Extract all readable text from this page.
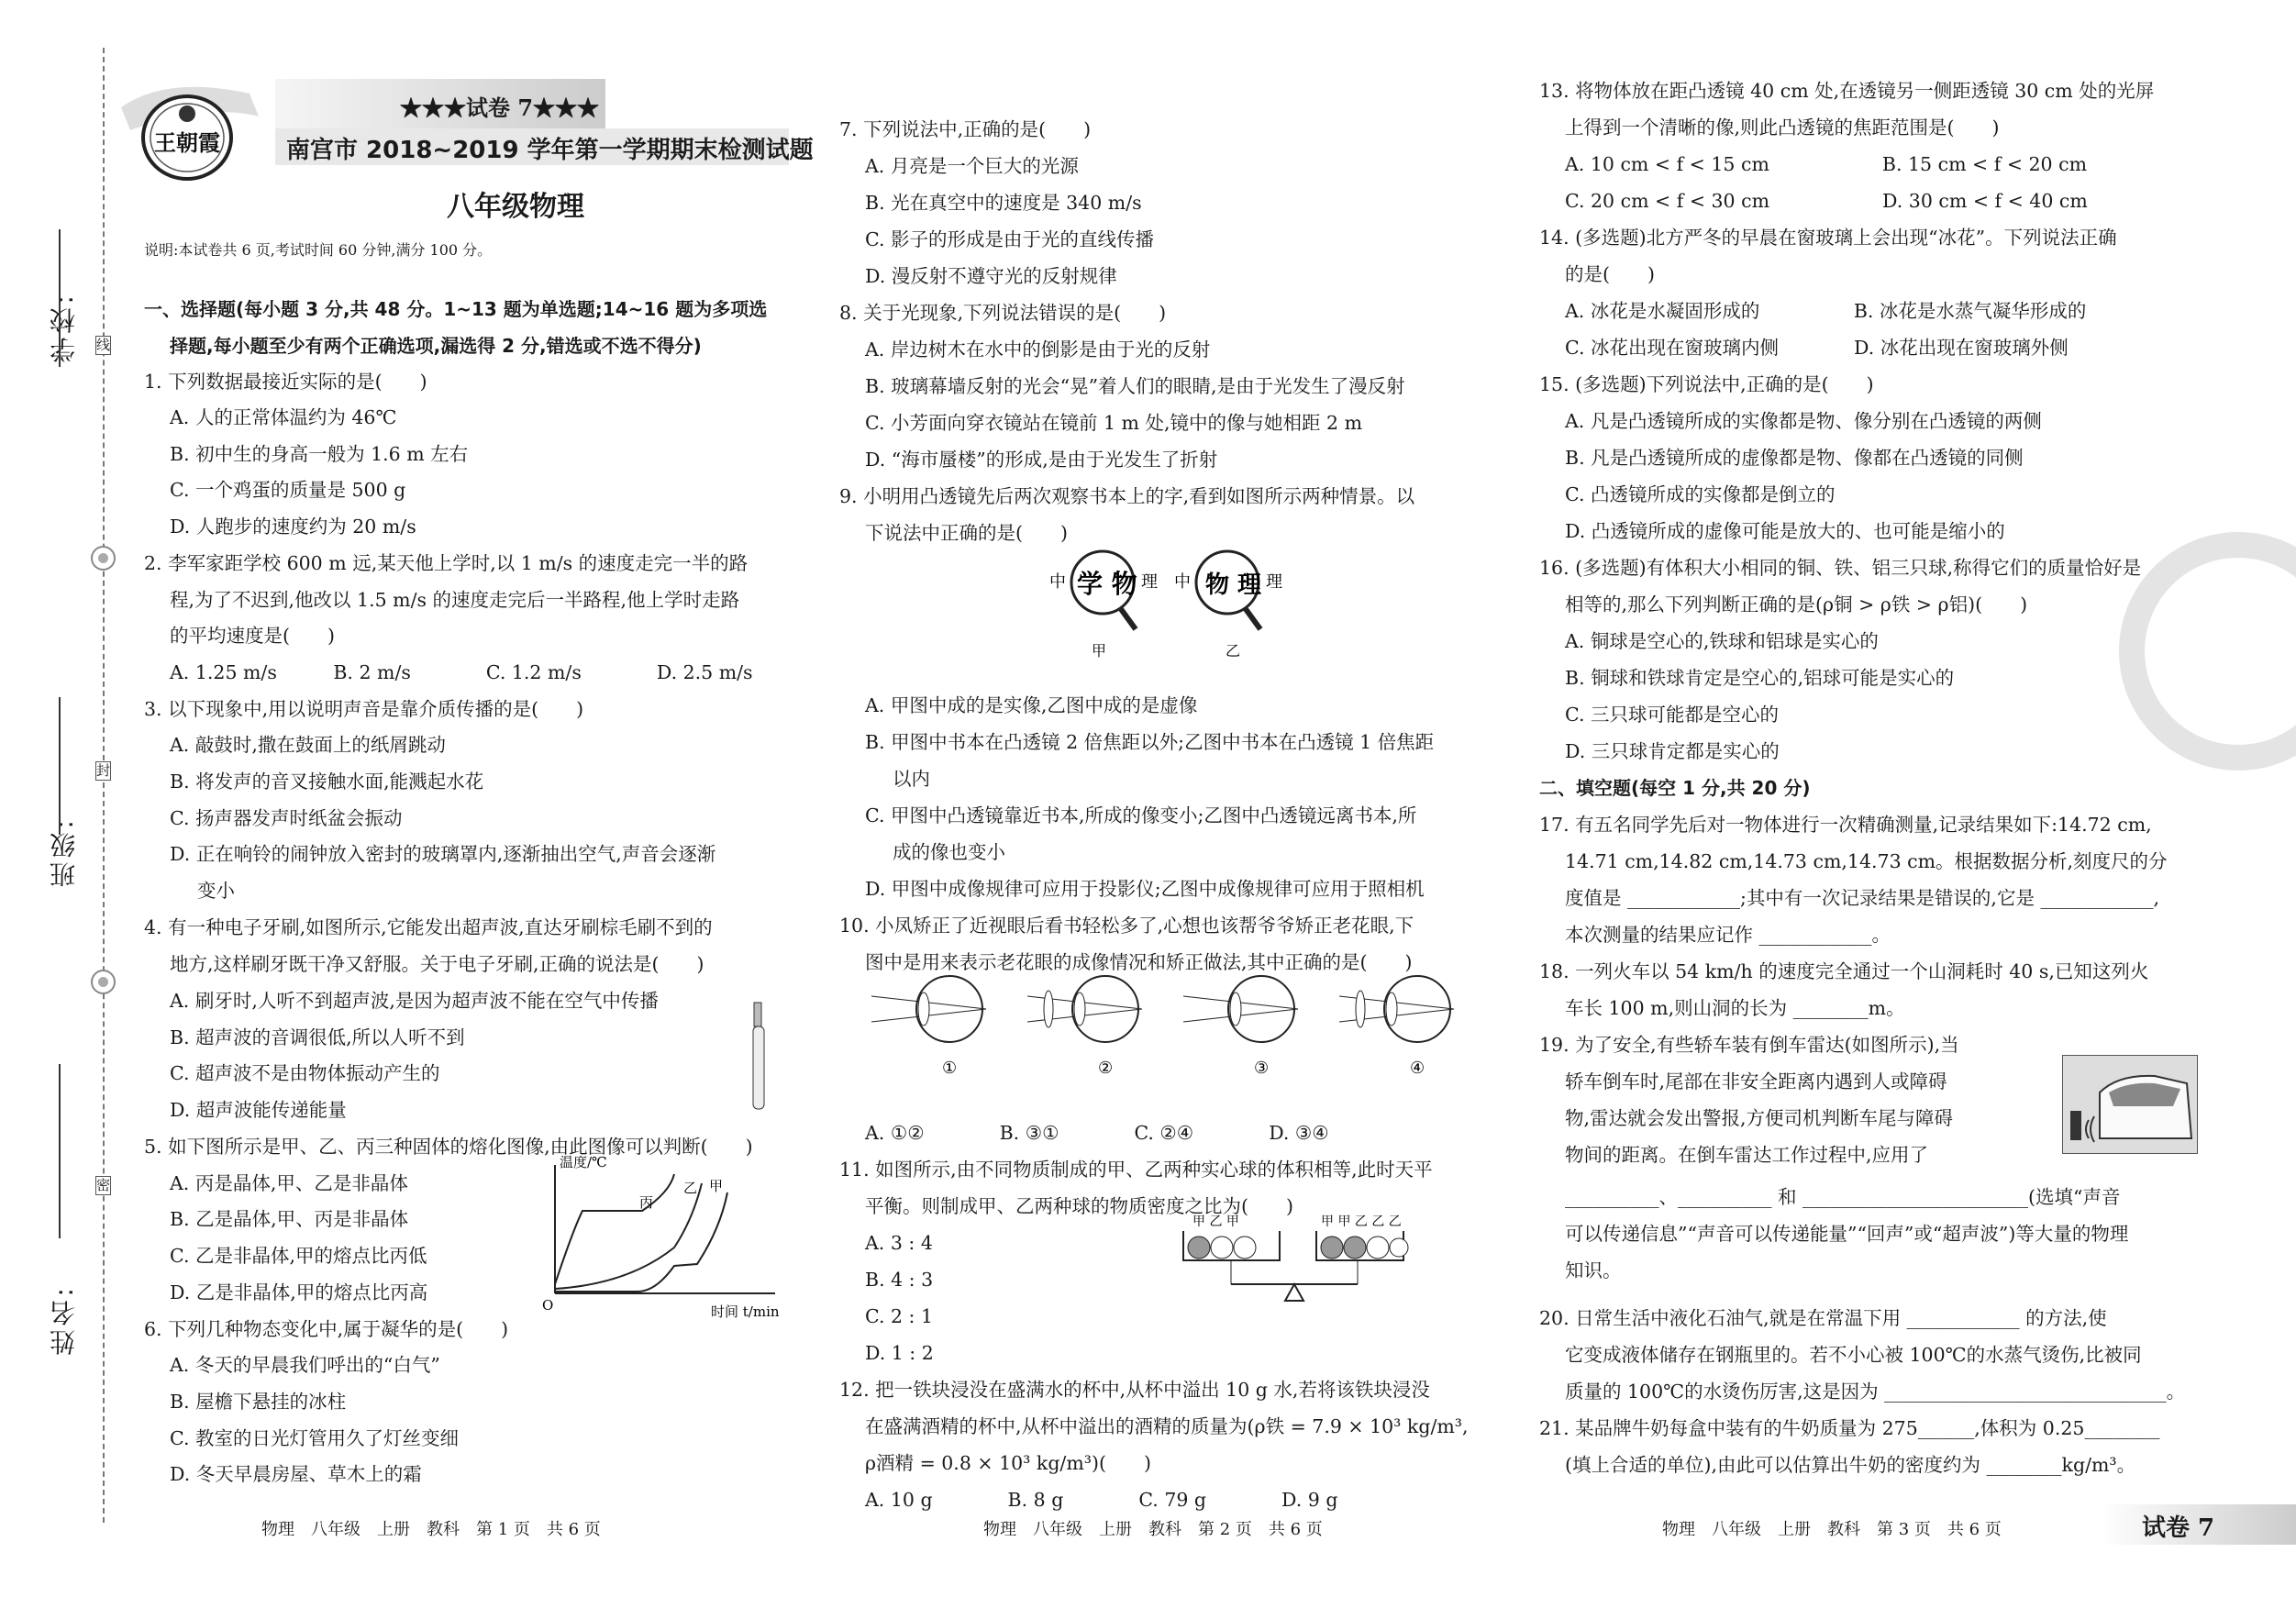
学校:
班级:
姓名:
线
封
密
王朝霞
★★★试卷 7★★★
南宫市 2018~2019 学年第一学期期末检测试题
八年级物理
说明:本试卷共 6 页,考试时间 60 分钟,满分 100 分。
一、选择题(每小题 3 分,共 48 分。1~13 题为单选题;14~16 题为多项选
择题,每小题至少有两个正确选项,漏选得 2 分,错选或不选不得分)
1. 下列数据最接近实际的是(　　)
A. 人的正常体温约为 46℃
B. 初中生的身高一般为 1.6 m 左右
C. 一个鸡蛋的质量是 500 g
D. 人跑步的速度约为 20 m/s
2. 李军家距学校 600 m 远,某天他上学时,以 1 m/s 的速度走完一半的路
程,为了不迟到,他改以 1.5 m/s 的速度走完后一半路程,他上学时走路
的平均速度是(　　)
A. 1.25 m/s　　　B. 2 m/s　　　　C. 1.2 m/s　　　　D. 2.5 m/s
3. 以下现象中,用以说明声音是靠介质传播的是(　　)
A. 敲鼓时,撒在鼓面上的纸屑跳动
B. 将发声的音叉接触水面,能溅起水花
C. 扬声器发声时纸盆会振动
D. 正在响铃的闹钟放入密封的玻璃罩内,逐渐抽出空气,声音会逐渐
变小
4. 有一种电子牙刷,如图所示,它能发出超声波,直达牙刷棕毛刷不到的
地方,这样刷牙既干净又舒服。关于电子牙刷,正确的说法是(　　)
A. 刷牙时,人听不到超声波,是因为超声波不能在空气中传播
B. 超声波的音调很低,所以人听不到
C. 超声波不是由物体振动产生的
D. 超声波能传递能量
5. 如下图所示是甲、乙、丙三种固体的熔化图像,由此图像可以判断(　　)
A. 丙是晶体,甲、乙是非晶体
B. 乙是晶体,甲、丙是非晶体
C. 乙是非晶体,甲的熔点比丙低
D. 乙是非晶体,甲的熔点比丙高
6. 下列几种物态变化中,属于凝华的是(　　)
A. 冬天的早晨我们呼出的“白气”
B. 屋檐下悬挂的冰柱
C. 教室的日光灯管用久了灯丝变细
D. 冬天早晨房屋、草木上的霜
7. 下列说法中,正确的是(　　)
A. 月亮是一个巨大的光源
B. 光在真空中的速度是 340 m/s
C. 影子的形成是由于光的直线传播
D. 漫反射不遵守光的反射规律
8. 关于光现象,下列说法错误的是(　　)
A. 岸边树木在水中的倒影是由于光的反射
B. 玻璃幕墙反射的光会“晃”着人们的眼睛,是由于光发生了漫反射
C. 小芳面向穿衣镜站在镜前 1 m 处,镜中的像与她相距 2 m
D. “海市蜃楼”的形成,是由于光发生了折射
9. 小明用凸透镜先后两次观察书本上的字,看到如图所示两种情景。以
下说法中正确的是(　　)
A. 甲图中成的是实像,乙图中成的是虚像
B. 甲图中书本在凸透镜 2 倍焦距以外;乙图中书本在凸透镜 1 倍焦距
以内
C. 甲图中凸透镜靠近书本,所成的像变小;乙图中凸透镜远离书本,所
成的像也变小
D. 甲图中成像规律可应用于投影仪;乙图中成像规律可应用于照相机
10. 小凤矫正了近视眼后看书轻松多了,心想也该帮爷爷矫正老花眼,下
图中是用来表示老花眼的成像情况和矫正做法,其中正确的是(　　)
A. ①②　　　　B. ③①　　　　C. ②④　　　　D. ③④
11. 如图所示,由不同物质制成的甲、乙两种实心球的体积相等,此时天平
平衡。则制成甲、乙两种球的物质密度之比为(　　)
A. 3 : 4
B. 4 : 3
C. 2 : 1
D. 1 : 2
12. 把一铁块浸没在盛满水的杯中,从杯中溢出 10 g 水,若将该铁块浸没
在盛满酒精的杯中,从杯中溢出的酒精的质量为(ρ铁 = 7.9 × 10³ kg/m³,
ρ酒精 = 0.8 × 10³ kg/m³)(　　)
A. 10 g　　　　B. 8 g　　　　C. 79 g　　　　D. 9 g
13. 将物体放在距凸透镜 40 cm 处,在透镜另一侧距透镜 30 cm 处的光屏
上得到一个清晰的像,则此凸透镜的焦距范围是(　　)
A. 10 cm < f < 15 cm　　　　　　B. 15 cm < f < 20 cm
C. 20 cm < f < 30 cm　　　　　　D. 30 cm < f < 40 cm
14. (多选题)北方严冬的早晨在窗玻璃上会出现“冰花”。下列说法正确
的是(　　)
A. 冰花是水凝固形成的　　　　　B. 冰花是水蒸气凝华形成的
C. 冰花出现在窗玻璃内侧　　　　D. 冰花出现在窗玻璃外侧
15. (多选题)下列说法中,正确的是(　　)
A. 凡是凸透镜所成的实像都是物、像分别在凸透镜的两侧
B. 凡是凸透镜所成的虚像都是物、像都在凸透镜的同侧
C. 凸透镜所成的实像都是倒立的
D. 凸透镜所成的虚像可能是放大的、也可能是缩小的
16. (多选题)有体积大小相同的铜、铁、铝三只球,称得它们的质量恰好是
相等的,那么下列判断正确的是(ρ铜 > ρ铁 > ρ铝)(　　)
A. 铜球是空心的,铁球和铝球是实心的
B. 铜球和铁球肯定是空心的,铝球可能是实心的
C. 三只球可能都是空心的
D. 三只球肯定都是实心的
二、填空题(每空 1 分,共 20 分)
17. 有五名同学先后对一物体进行一次精确测量,记录结果如下:14.72 cm,
14.71 cm,14.82 cm,14.73 cm,14.73 cm。根据数据分析,刻度尺的分
度值是 ____________;其中有一次记录结果是错误的,它是 ____________,
本次测量的结果应记作 ____________。
18. 一列火车以 54 km/h 的速度完全通过一个山洞耗时 40 s,已知这列火
车长 100 m,则山洞的长为 ________m。
19. 为了安全,有些轿车装有倒车雷达(如图所示),当
轿车倒车时,尾部在非安全距离内遇到人或障碍
物,雷达就会发出警报,方便司机判断车尾与障碍
物间的距离。在倒车雷达工作过程中,应用了
__________、__________ 和 ________________________(选填“声音
可以传递信息”“声音可以传递能量”“回声”或“超声波”)等大量的物理
知识。
20. 日常生活中液化石油气,就是在常温下用 ____________ 的方法,使
它变成液体储存在钢瓶里的。若不小心被 100℃的水蒸气烫伤,比被同
质量的 100℃的水烫伤厉害,这是因为 ______________________________。
21. 某品牌牛奶每盒中装有的牛奶质量为 275______,体积为 0.25________
(填上合适的单位),由此可以估算出牛奶的密度约为 ________kg/m³。
温度/℃
时间 t/min
O
丙
乙 甲
中 学 物 理
甲
中 物 理 理
乙
①	②	③	④
甲 乙 甲	甲 甲 乙 乙 乙
物理　八年级　上册　教科　第 1 页　共 6 页	物理　八年级　上册　教科　第 2 页　共 6 页	物理　八年级　上册　教科　第 3 页　共 6 页	试卷 7
